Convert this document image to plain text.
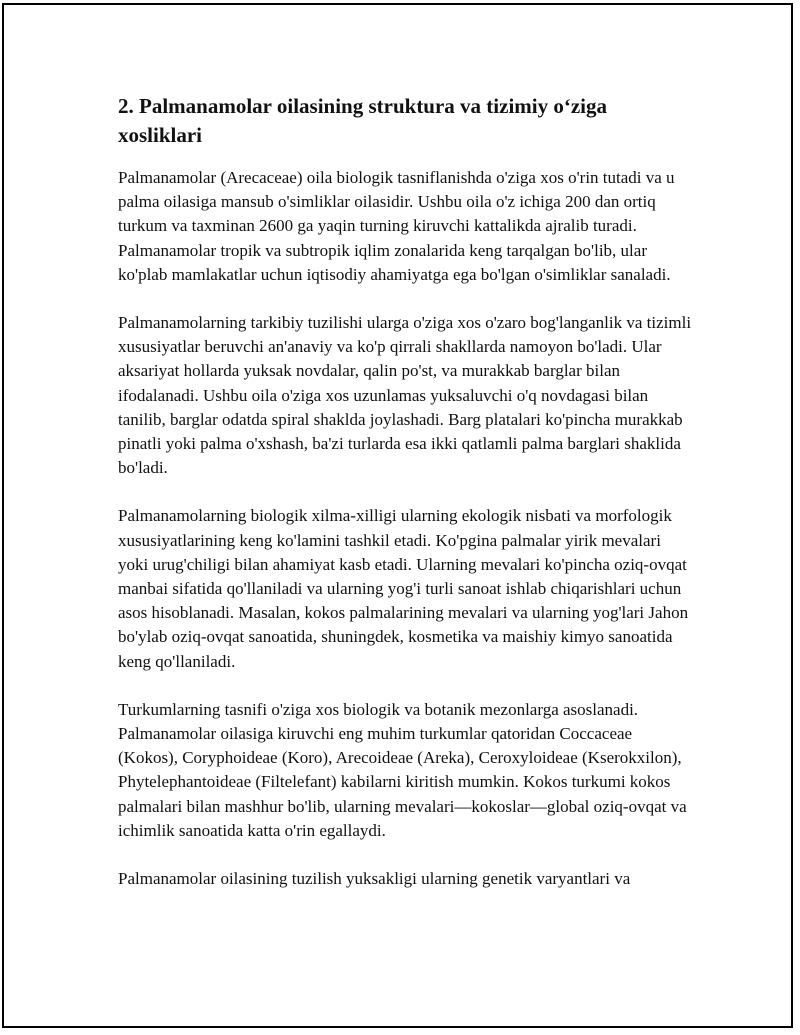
2. Palmanamolar oilasining struktura va tizimiy o‘ziga xosliklari

Palmanamolar (Arecaceae) oila biologik tasniflanishda o'ziga xos o'rin tutadi va u palma oilasiga mansub o'simliklar oilasidir. Ushbu oila o'z ichiga 200 dan ortiq turkum va taxminan 2600 ga yaqin turning kiruvchi kattalikda ajralib turadi. Palmanamolar tropik va subtropik iqlim zonalarida keng tarqalgan bo'lib, ular ko'plab mamlakatlar uchun iqtisodiy ahamiyatga ega bo'lgan o'simliklar sanaladi.

Palmanamolarning tarkibiy tuzilishi ularga o'ziga xos o'zaro bog'langanlik va tizimli xususiyatlar beruvchi an'anaviy va ko'p qirrali shakllarda namoyon bo'ladi. Ular aksariyat hollarda yuksak novdalar, qalin po'st, va murakkab barglar bilan ifodalanadi. Ushbu oila o'ziga xos uzunlamas yuksaluvchi o'q novdagasi bilan tanilib, barglar odatda spiral shaklda joylashadi. Barg platalari ko'pincha murakkab pinatli yoki palma o'xshash, ba'zi turlarda esa ikki qatlamli palma barglari shaklida bo'ladi.

Palmanamolarning biologik xilma-xilligi ularning ekologik nisbati va morfologik xususiyatlarining keng ko'lamini tashkil etadi. Ko'pgina palmalar yirik mevalari yoki urug'chiligi bilan ahamiyat kasb etadi. Ularning mevalari ko'pincha oziq-ovqat manbai sifatida qo'llaniladi va ularning yog'i turli sanoat ishlab chiqarishlari uchun asos hisoblanadi. Masalan, kokos palmalarining mevalari va ularning yog'lari Jahon bo'ylab oziq-ovqat sanoatida, shuningdek, kosmetika va maishiy kimyo sanoatida keng qo'llaniladi.

Turkumlarning tasnifi o'ziga xos biologik va botanik mezonlarga asoslanadi. Palmanamolar oilasiga kiruvchi eng muhim turkumlar qatoridan Coccaceae (Kokos), Coryphoideae (Koro), Arecoideae (Areka), Ceroxyloideae (Kserokxilon), Phytelephantoideae (Filtelefant) kabilarni kiritish mumkin. Kokos turkumi kokos palmalari bilan mashhur bo'lib, ularning mevalari—kokoslar—global oziq-ovqat va ichimlik sanoatida katta o'rin egallaydi.

Palmanamolar oilasining tuzilish yuksakligi ularning genetik varyantlari va
